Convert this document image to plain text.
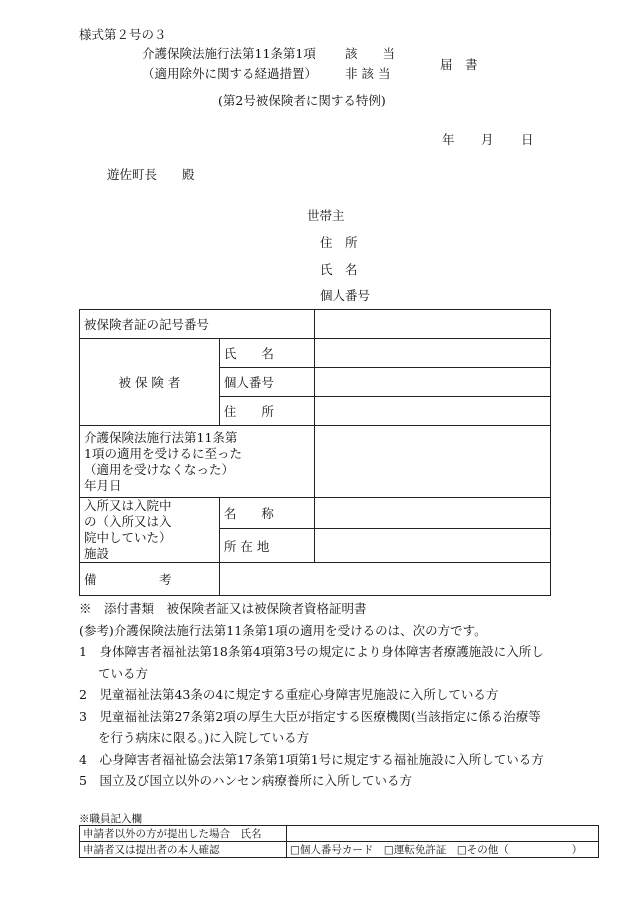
様式第２号の３
介護保険法施行法第11条第1項
（適用除外に関する経過措置）
該　　当
非 該 当
届　書
(第2号被保険者に関する特例)
年 月 日
遊佐町長　　殿
世帯主
住　所
氏　名
個人番号
被保険者証の記号番号		
被 保 険 者	氏　　名	
	個人番号	
	住　　所	

介護保険法施行法第11条第1項の適用を受けるに至った（適用を受けなくなった）年月日		

入所又は入院中の（入所又は入院中していた）施設	名　　称	
	所 在 地	
備　　　　　考		

※　添付書類　被保険者証又は被保険者資格証明書

(参考)介護保険法施行法第11条第1項の適用を受けるのは、次の方です。

1　身体障害者福祉法第18条第4項第3号の規定により身体障害者療護施設に入所している方

2　児童福祉法第43条の4に規定する重症心身障害児施設に入所している方

3　児童福祉法第27条第2項の厚生大臣が指定する医療機関(当該指定に係る治療等を行う病床に限る。)に入院している方

4　心身障害者福祉協会法第17条第1項第1号に規定する福祉施設に入所している方

5　国立及び国立以外のハンセン病療養所に入所している方

※職員記入欄
申請者以外の方が提出した場合　氏名	
申請者又は提出者の本人確認	□個人番号カード　□運転免許証　□その他（　　　　　　）
